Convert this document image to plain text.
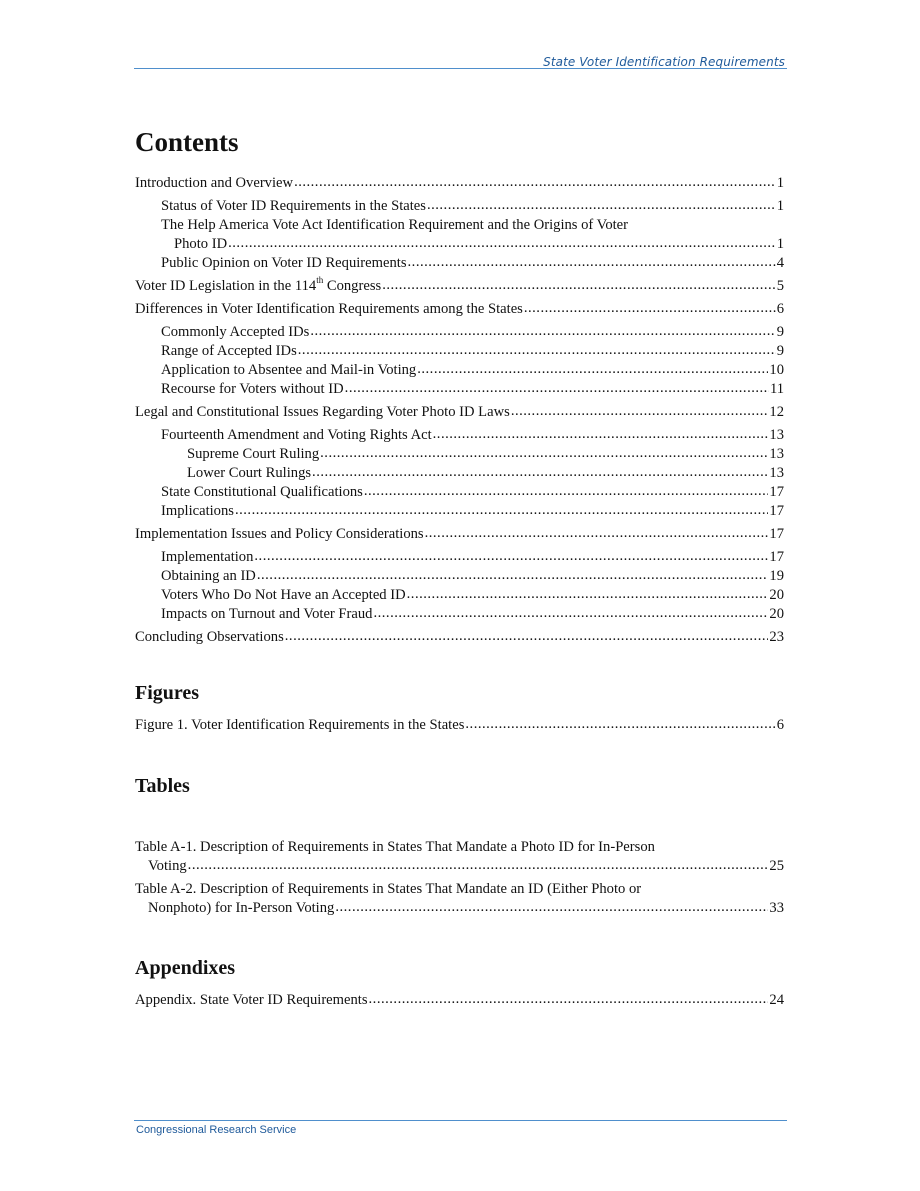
State Voter Identification Requirements
Contents
Introduction and Overview .....	1
Status of Voter ID Requirements in the States .....	1
The Help America Vote Act Identification Requirement and the Origins of Voter
Photo ID .....	1
Public Opinion on Voter ID Requirements .....	4
Voter ID Legislation in the 114th Congress .....	5
Differences in Voter Identification Requirements among the States .....	6
Commonly Accepted IDs .....	9
Range of Accepted IDs .....	9
Application to Absentee and Mail-in Voting .....	10
Recourse for Voters without ID .....	11
Legal and Constitutional Issues Regarding Voter Photo ID Laws .....	12
Fourteenth Amendment and Voting Rights Act .....	13
Supreme Court Ruling .....	13
Lower Court Rulings .....	13
State Constitutional Qualifications .....	17
Implications .....	17
Implementation Issues and Policy Considerations .....	17
Implementation .....	17
Obtaining an ID .....	19
Voters Who Do Not Have an Accepted ID .....	20
Impacts on Turnout and Voter Fraud .....	20
Concluding Observations .....	23
Figures
Figure 1. Voter Identification Requirements in the States .....	6
Tables
Table A-1. Description of Requirements in States That Mandate a Photo ID for In-Person
Voting .....	25
Table A-2. Description of Requirements in States That Mandate an ID (Either Photo or
Nonphoto) for In-Person Voting .....	33
Appendixes
Appendix. State Voter ID Requirements .....	24
Congressional Research Service
